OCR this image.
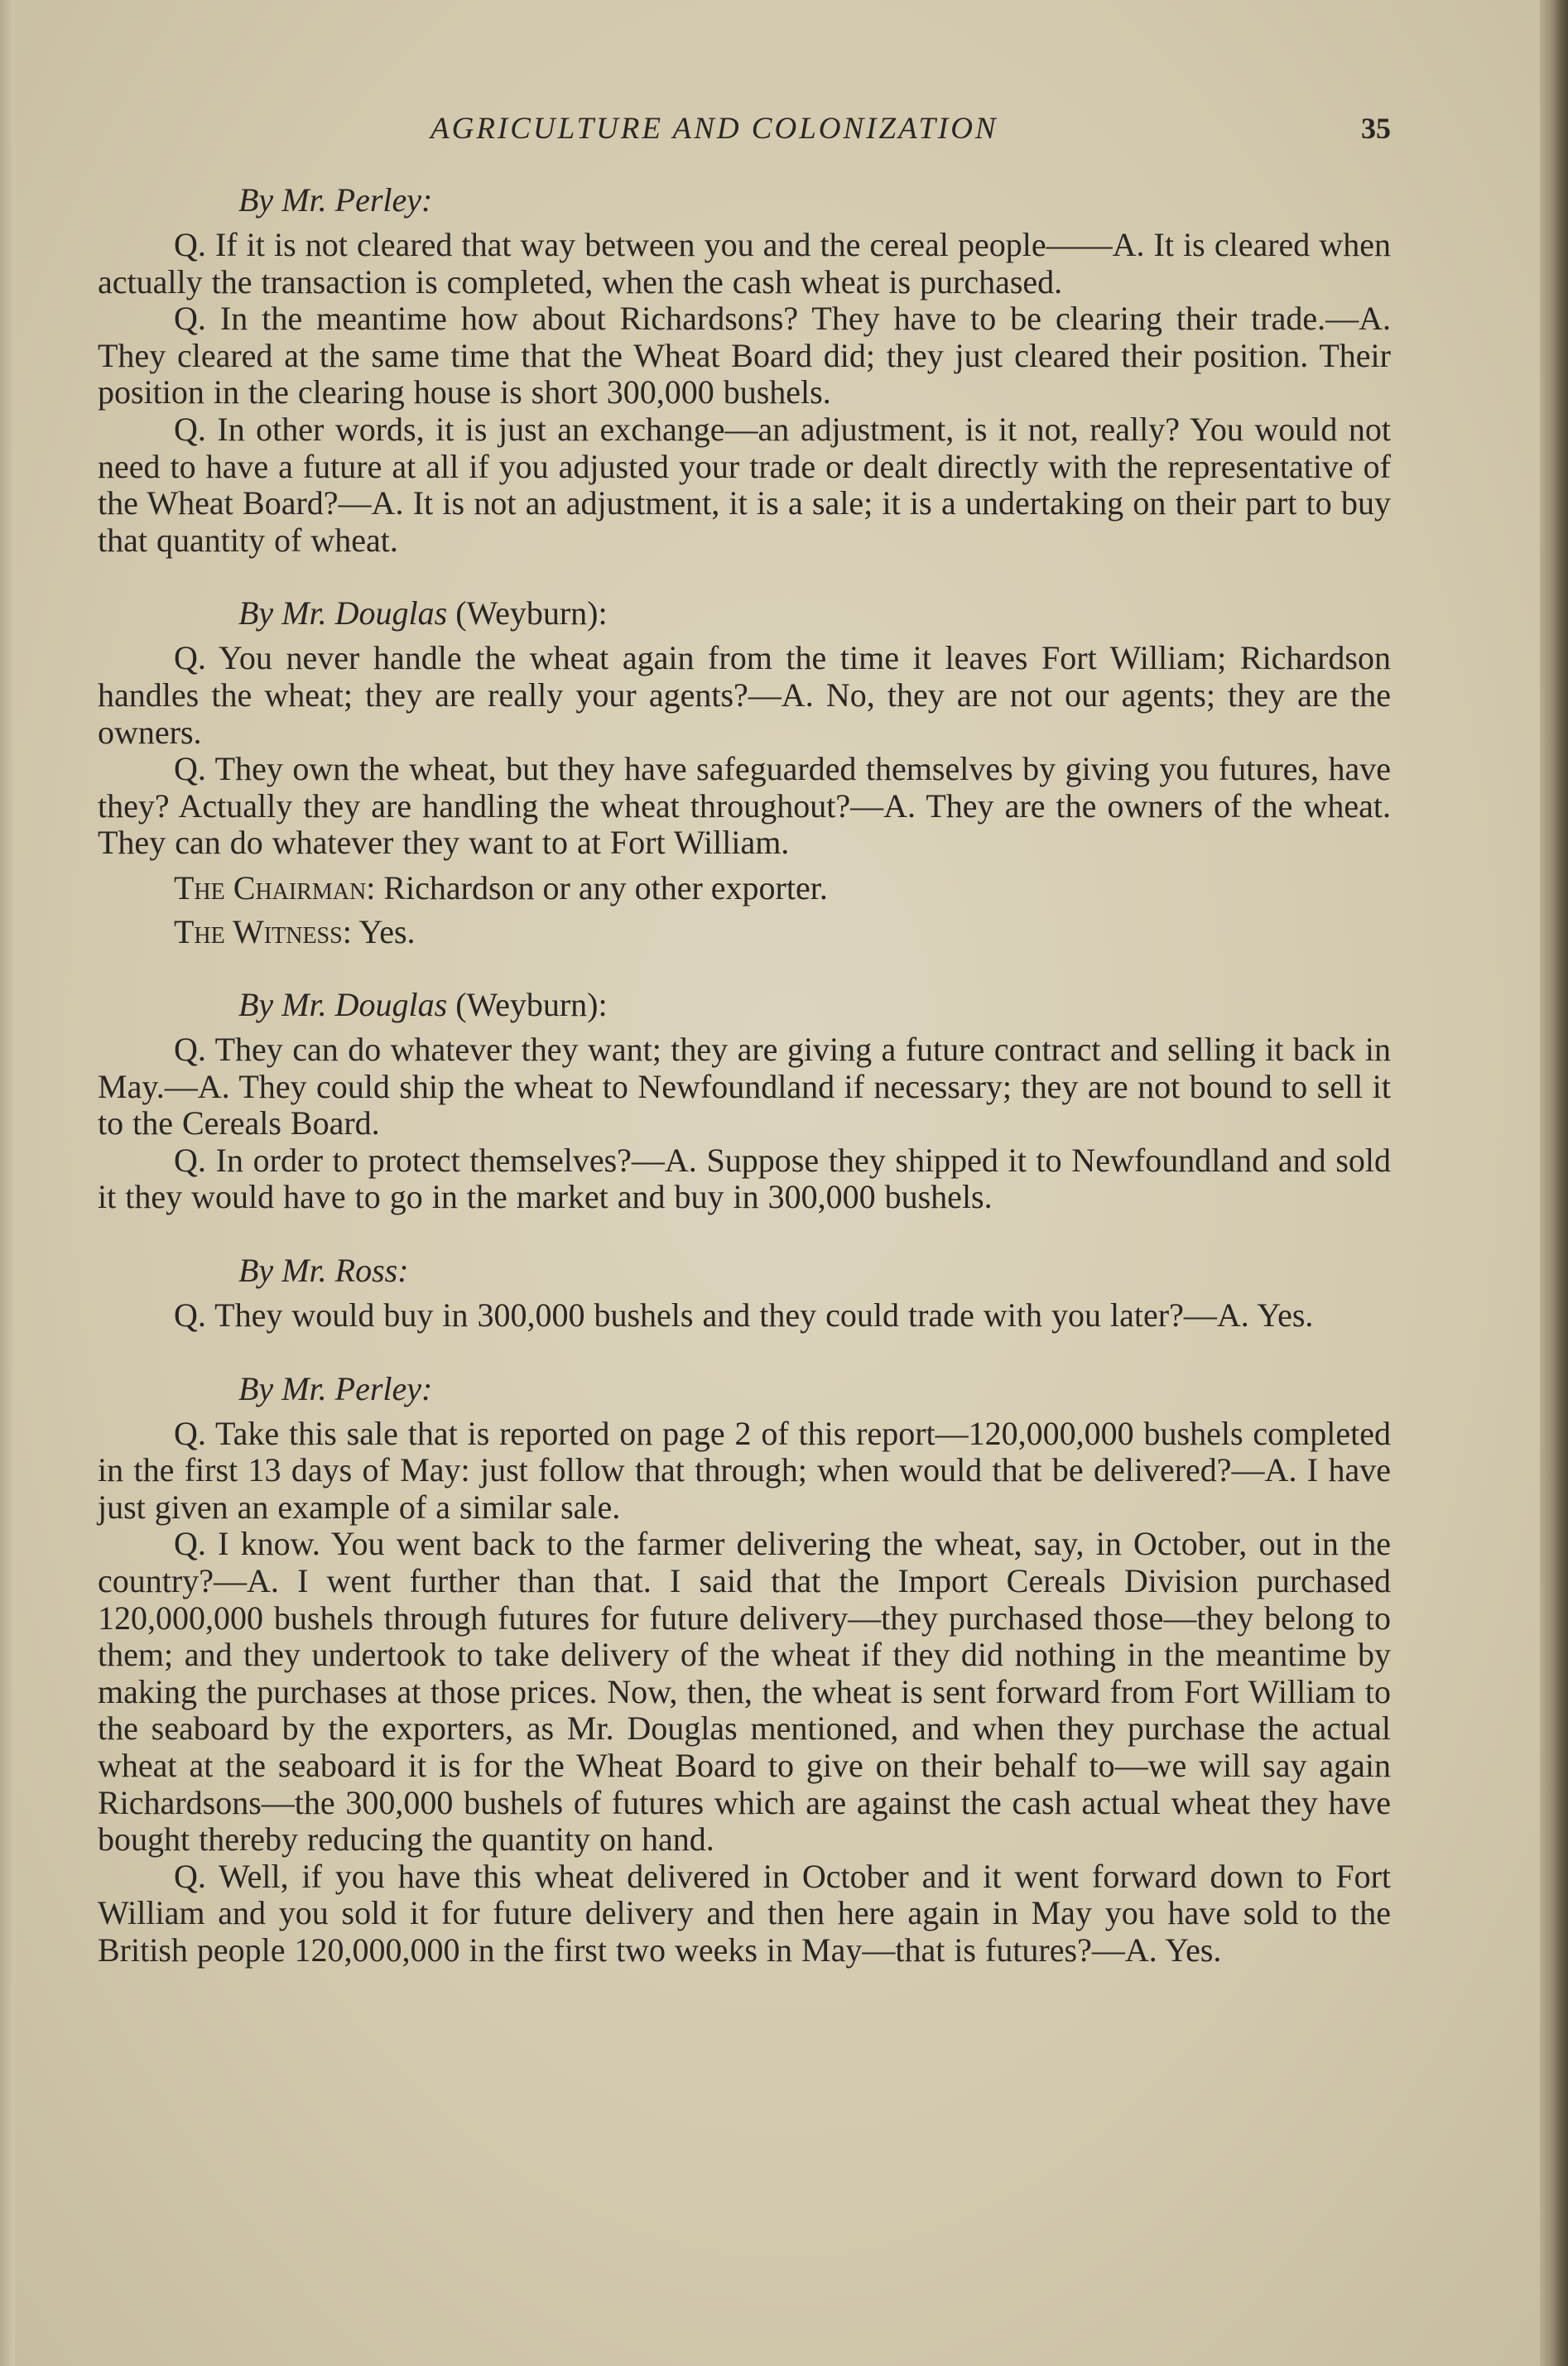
AGRICULTURE AND COLONIZATION	35
By Mr. Perley:

Q. If it is not cleared that way between you and the cereal people——A. It is cleared when actually the transaction is completed, when the cash wheat is purchased.

Q. In the meantime how about Richardsons? They have to be clearing their trade.—A. They cleared at the same time that the Wheat Board did; they just cleared their position. Their position in the clearing house is short 300,000 bushels.

Q. In other words, it is just an exchange—an adjustment, is it not, really? You would not need to have a future at all if you adjusted your trade or dealt directly with the representative of the Wheat Board?—A. It is not an adjustment, it is a sale; it is a undertaking on their part to buy that quantity of wheat.

By Mr. Douglas (Weyburn):

Q. You never handle the wheat again from the time it leaves Fort William; Richardson handles the wheat; they are really your agents?—A. No, they are not our agents; they are the owners.

Q. They own the wheat, but they have safeguarded themselves by giving you futures, have they? Actually they are handling the wheat throughout?—A. They are the owners of the wheat. They can do whatever they want to at Fort William.

The Chairman: Richardson or any other exporter.
The Witness: Yes.
By Mr. Douglas (Weyburn):

Q. They can do whatever they want; they are giving a future contract and selling it back in May.—A. They could ship the wheat to Newfoundland if necessary; they are not bound to sell it to the Cereals Board.

Q. In order to protect themselves?—A. Suppose they shipped it to Newfoundland and sold it they would have to go in the market and buy in 300,000 bushels.

By Mr. Ross:

Q. They would buy in 300,000 bushels and they could trade with you later?—A. Yes.

By Mr. Perley:

Q. Take this sale that is reported on page 2 of this report—120,000,000 bushels completed in the first 13 days of May: just follow that through; when would that be delivered?—A. I have just given an example of a similar sale.

Q. I know. You went back to the farmer delivering the wheat, say, in October, out in the country?—A. I went further than that. I said that the Import Cereals Division purchased 120,000,000 bushels through futures for future delivery—they purchased those—they belong to them; and they undertook to take delivery of the wheat if they did nothing in the meantime by making the purchases at those prices. Now, then, the wheat is sent forward from Fort William to the seaboard by the exporters, as Mr. Douglas mentioned, and when they purchase the actual wheat at the seaboard it is for the Wheat Board to give on their behalf to—we will say again Richardsons—the 300,000 bushels of futures which are against the cash actual wheat they have bought thereby reducing the quantity on hand.

Q. Well, if you have this wheat delivered in October and it went forward down to Fort William and you sold it for future delivery and then here again in May you have sold to the British people 120,000,000 in the first two weeks in May—that is futures?—A. Yes.
